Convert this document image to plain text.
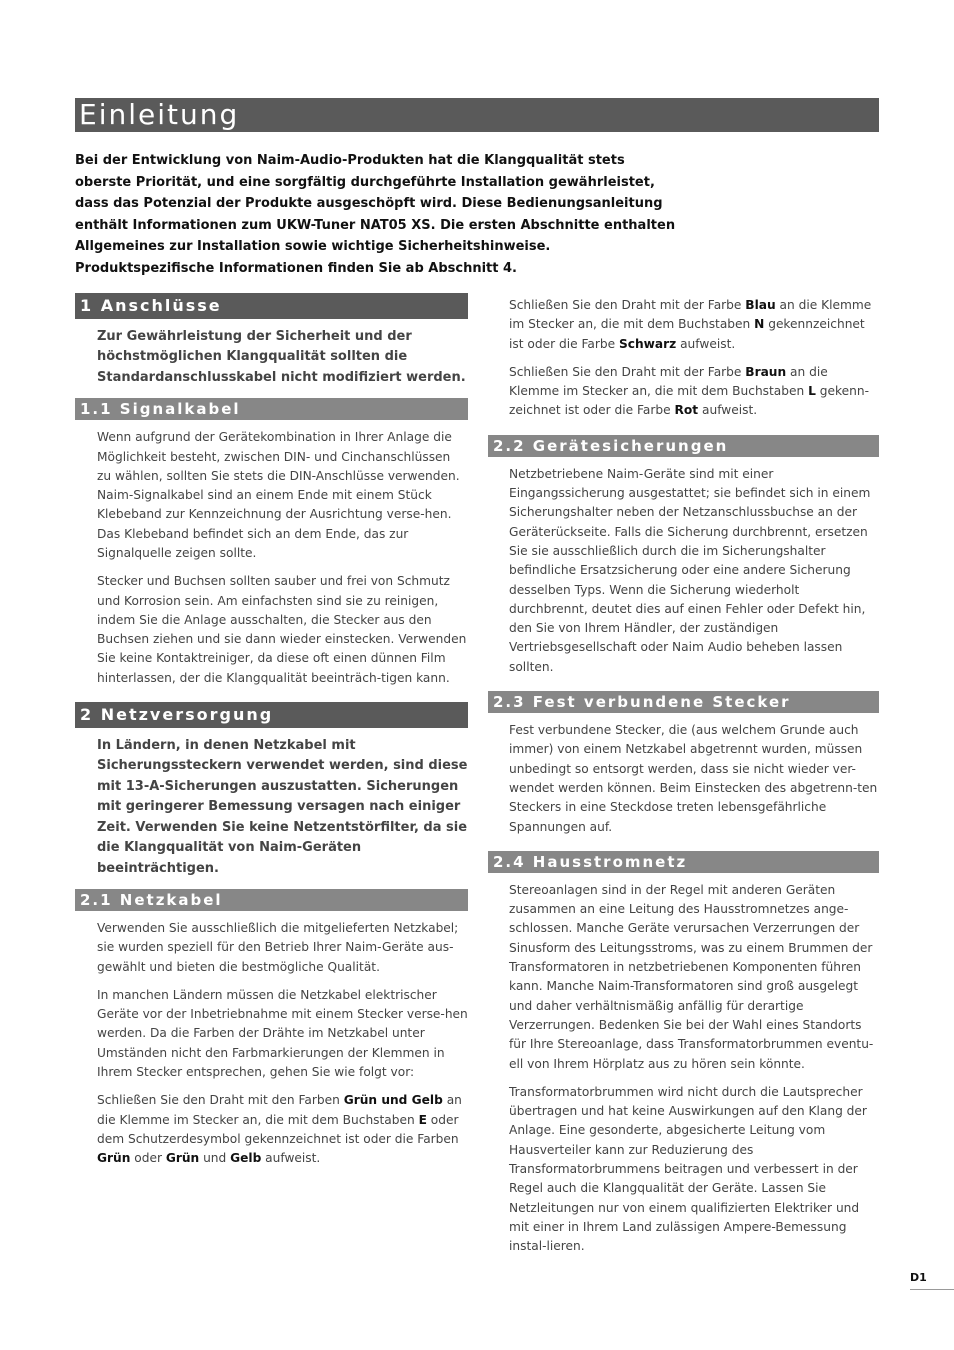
Einleitung
Bei der Entwicklung von Naim-Audio-Produkten hat die Klangqualität stets oberste Priorität, und eine sorgfältig durchgeführte Installation gewährleistet, dass das Potenzial der Produkte ausgeschöpft wird. Diese Bedienungsanleitung enthält Informationen zum UKW-Tuner NAT05 XS. Die ersten Abschnitte enthalten Allgemeines zur Installation sowie wichtige Sicherheitshinweise. Produktspezifische Informationen finden Sie ab Abschnitt 4.
1 Anschlüsse
Zur Gewährleistung der Sicherheit und der höchstmöglichen Klangqualität sollten die Standardanschlusskabel nicht modifiziert werden.
1.1 Signalkabel
Wenn aufgrund der Gerätekombination in Ihrer Anlage die Möglichkeit besteht, zwischen DIN- und Cinchanschlüssen zu wählen, sollten Sie stets die DIN-Anschlüsse verwenden. Naim-Signalkabel sind an einem Ende mit einem Stück Klebeband zur Kennzeichnung der Ausrichtung verse-hen. Das Klebeband befindet sich an dem Ende, das zur Signalquelle zeigen sollte.
Stecker und Buchsen sollten sauber und frei von Schmutz und Korrosion sein. Am einfachsten sind sie zu reinigen, indem Sie die Anlage ausschalten, die Stecker aus den Buchsen ziehen und sie dann wieder einstecken. Verwenden Sie keine Kontaktreiniger, da diese oft einen dünnen Film hinterlassen, der die Klangqualität beeinträch-tigen kann.
2 Netzversorgung
In Ländern, in denen Netzkabel mit Sicherungssteckern verwendet werden, sind diese mit 13-A-Sicherungen auszustatten. Sicherungen mit geringerer Bemessung versagen nach einiger Zeit. Verwenden Sie keine Netzentstörfilter, da sie die Klangqualität von Naim-Geräten beeinträchtigen.
2.1 Netzkabel
Verwenden Sie ausschließlich die mitgelieferten Netzkabel; sie wurden speziell für den Betrieb Ihrer Naim-Geräte aus-gewählt und bieten die bestmögliche Qualität.
In manchen Ländern müssen die Netzkabel elektrischer Geräte vor der Inbetriebnahme mit einem Stecker verse-hen werden. Da die Farben der Drähte im Netzkabel unter Umständen nicht den Farbmarkierungen der Klemmen in Ihrem Stecker entsprechen, gehen Sie wie folgt vor:
Schließen Sie den Draht mit den Farben Grün und Gelb an die Klemme im Stecker an, die mit dem Buchstaben E oder dem Schutzerdesymbol gekennzeichnet ist oder die Farben Grün oder Grün und Gelb aufweist.
Schließen Sie den Draht mit der Farbe Blau an die Klemme im Stecker an, die mit dem Buchstaben N gekennzeichnet ist oder die Farbe Schwarz aufweist.
Schließen Sie den Draht mit der Farbe Braun an die Klemme im Stecker an, die mit dem Buchstaben L gekenn-zeichnet ist oder die Farbe Rot aufweist.
2.2 Gerätesicherungen
Netzbetriebene Naim-Geräte sind mit einer Eingangssicherung ausgestattet; sie befindet sich in einem Sicherungshalter neben der Netzanschlussbuchse an der Geräterückseite. Falls die Sicherung durchbrennt, ersetzen Sie sie ausschließlich durch die im Sicherungshalter befindliche Ersatzsicherung oder eine andere Sicherung desselben Typs. Wenn die Sicherung wiederholt durchbrennt, deutet dies auf einen Fehler oder Defekt hin, den Sie von Ihrem Händler, der zuständigen Vertriebsgesellschaft oder Naim Audio beheben lassen sollten.
2.3 Fest verbundene Stecker
Fest verbundene Stecker, die (aus welchem Grunde auch immer) von einem Netzkabel abgetrennt wurden, müssen unbedingt so entsorgt werden, dass sie nicht wieder ver-wendet werden können. Beim Einstecken des abgetrenn-ten Steckers in eine Steckdose treten lebensgefährliche Spannungen auf.
2.4 Hausstromnetz
Stereoanlagen sind in der Regel mit anderen Geräten zusammen an eine Leitung des Hausstromnetzes ange-schlossen. Manche Geräte verursachen Verzerrungen der Sinusform des Leitungsstroms, was zu einem Brummen der Transformatoren in netzbetriebenen Komponenten führen kann. Manche Naim-Transformatoren sind groß ausgelegt und daher verhältnismäßig anfällig für derartige Verzerrungen. Bedenken Sie bei der Wahl eines Standorts für Ihre Stereoanlage, dass Transformatorbrummen eventu-ell von Ihrem Hörplatz aus zu hören sein könnte.
Transformatorbrummen wird nicht durch die Lautsprecher übertragen und hat keine Auswirkungen auf den Klang der Anlage. Eine gesonderte, abgesicherte Leitung vom Hausverteiler kann zur Reduzierung des Transformatorbrummens beitragen und verbessert in der Regel auch die Klangqualität der Geräte. Lassen Sie Netzleitungen nur von einem qualifizierten Elektriker und mit einer in Ihrem Land zulässigen Ampere-Bemessung instal-lieren.
D1
